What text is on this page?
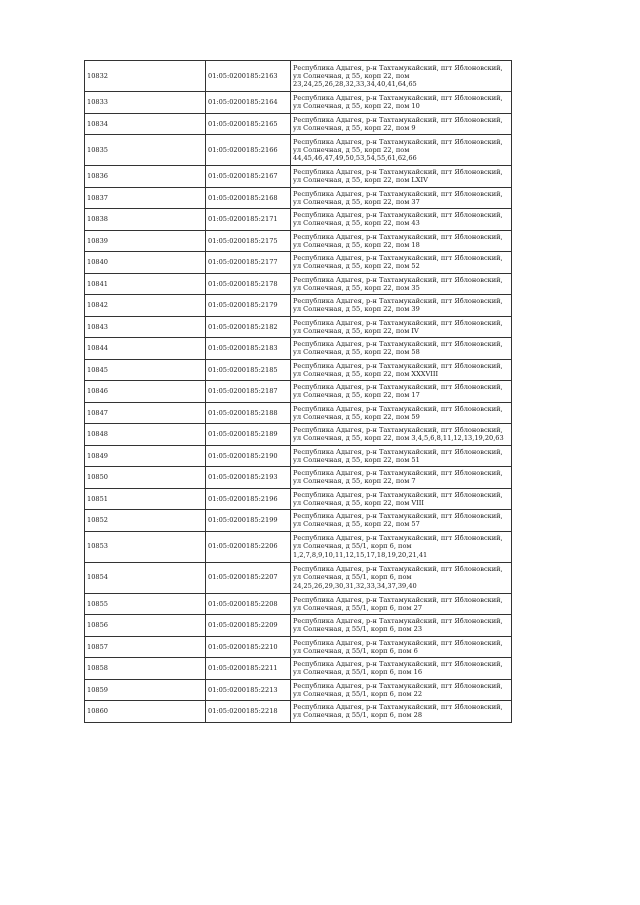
10832	01:05:0200185:2163	Республика Адыгея, р-н Тахтамукайский, пгт Яблоновский, ул Солнечная, д 55, корп 22, пом 23,24,25,26,28,32,33,34,40,41,64,65
10833	01:05:0200185:2164	Республика Адыгея, р-н Тахтамукайский, пгт Яблоновский, ул Солнечная, д 55, корп 22, пом 10
10834	01:05:0200185:2165	Республика Адыгея, р-н Тахтамукайский, пгт Яблоновский, ул Солнечная, д 55, корп 22, пом 9
10835	01:05:0200185:2166	Республика Адыгея, р-н Тахтамукайский, пгт Яблоновский, ул Солнечная, д 55, корп 22, пом 44,45,46,47,49,50,53,54,55,61,62,66
10836	01:05:0200185:2167	Республика Адыгея, р-н Тахтамукайский, пгт Яблоновский, ул Солнечная, д 55, корп 22, пом LXIV
10837	01:05:0200185:2168	Республика Адыгея, р-н Тахтамукайский, пгт Яблоновский, ул Солнечная, д 55, корп 22, пом 37
10838	01:05:0200185:2171	Республика Адыгея, р-н Тахтамукайский, пгт Яблоновский, ул Солнечная, д 55, корп 22, пом 43
10839	01:05:0200185:2175	Республика Адыгея, р-н Тахтамукайский, пгт Яблоновский, ул Солнечная, д 55, корп 22, пом 18
10840	01:05:0200185:2177	Республика Адыгея, р-н Тахтамукайский, пгт Яблоновский, ул Солнечная, д 55, корп 22, пом 52
10841	01:05:0200185:2178	Республика Адыгея, р-н Тахтамукайский, пгт Яблоновский, ул Солнечная, д 55, корп 22, пом 35
10842	01:05:0200185:2179	Республика Адыгея, р-н Тахтамукайский, пгт Яблоновский, ул Солнечная, д 55, корп 22, пом 39
10843	01:05:0200185:2182	Республика Адыгея, р-н Тахтамукайский, пгт Яблоновский, ул Солнечная, д 55, корп 22, пом IV
10844	01:05:0200185:2183	Республика Адыгея, р-н Тахтамукайский, пгт Яблоновский, ул Солнечная, д 55, корп 22, пом 58
10845	01:05:0200185:2185	Республика Адыгея, р-н Тахтамукайский, пгт Яблоновский, ул Солнечная, д 55, корп 22, пом XXXVIII
10846	01:05:0200185:2187	Республика Адыгея, р-н Тахтамукайский, пгт Яблоновский, ул Солнечная, д 55, корп 22, пом 17
10847	01:05:0200185:2188	Республика Адыгея, р-н Тахтамукайский, пгт Яблоновский, ул Солнечная, д 55, корп 22, пом 59
10848	01:05:0200185:2189	Республика Адыгея, р-н Тахтамукайский, пгт Яблоновский, ул Солнечная, д 55, корп 22, пом 3,4,5,6,8,11,12,13,19,20,63
10849	01:05:0200185:2190	Республика Адыгея, р-н Тахтамукайский, пгт Яблоновский, ул Солнечная, д 55, корп 22, пом 51
10850	01:05:0200185:2193	Республика Адыгея, р-н Тахтамукайский, пгт Яблоновский, ул Солнечная, д 55, корп 22, пом 7
10851	01:05:0200185:2196	Республика Адыгея, р-н Тахтамукайский, пгт Яблоновский, ул Солнечная, д 55, корп 22, пом VIII
10852	01:05:0200185:2199	Республика Адыгея, р-н Тахтамукайский, пгт Яблоновский, ул Солнечная, д 55, корп 22, пом 57
10853	01:05:0200185:2206	Республика Адыгея, р-н Тахтамукайский, пгт Яблоновский, ул Солнечная, д 55/1, корп 6, пом 1,2,7,8,9,10,11,12,15,17,18,19,20,21,41
10854	01:05:0200185:2207	Республика Адыгея, р-н Тахтамукайский, пгт Яблоновский, ул Солнечная, д 55/1, корп 6, пом 24,25,26,29,30,31,32,33,34,37,39,40
10855	01:05:0200185:2208	Республика Адыгея, р-н Тахтамукайский, пгт Яблоновский, ул Солнечная, д 55/1, корп 6, пом 27
10856	01:05:0200185:2209	Республика Адыгея, р-н Тахтамукайский, пгт Яблоновский, ул Солнечная, д 55/1, корп 6, пом 23
10857	01:05:0200185:2210	Республика Адыгея, р-н Тахтамукайский, пгт Яблоновский, ул Солнечная, д 55/1, корп 6, пом 6
10858	01:05:0200185:2211	Республика Адыгея, р-н Тахтамукайский, пгт Яблоновский, ул Солнечная, д 55/1, корп 6, пом 16
10859	01:05:0200185:2213	Республика Адыгея, р-н Тахтамукайский, пгт Яблоновский, ул Солнечная, д 55/1, корп 6, пом 22
10860	01:05:0200185:2218	Республика Адыгея, р-н Тахтамукайский, пгт Яблоновский, ул Солнечная, д 55/1, корп 6, пом 28
